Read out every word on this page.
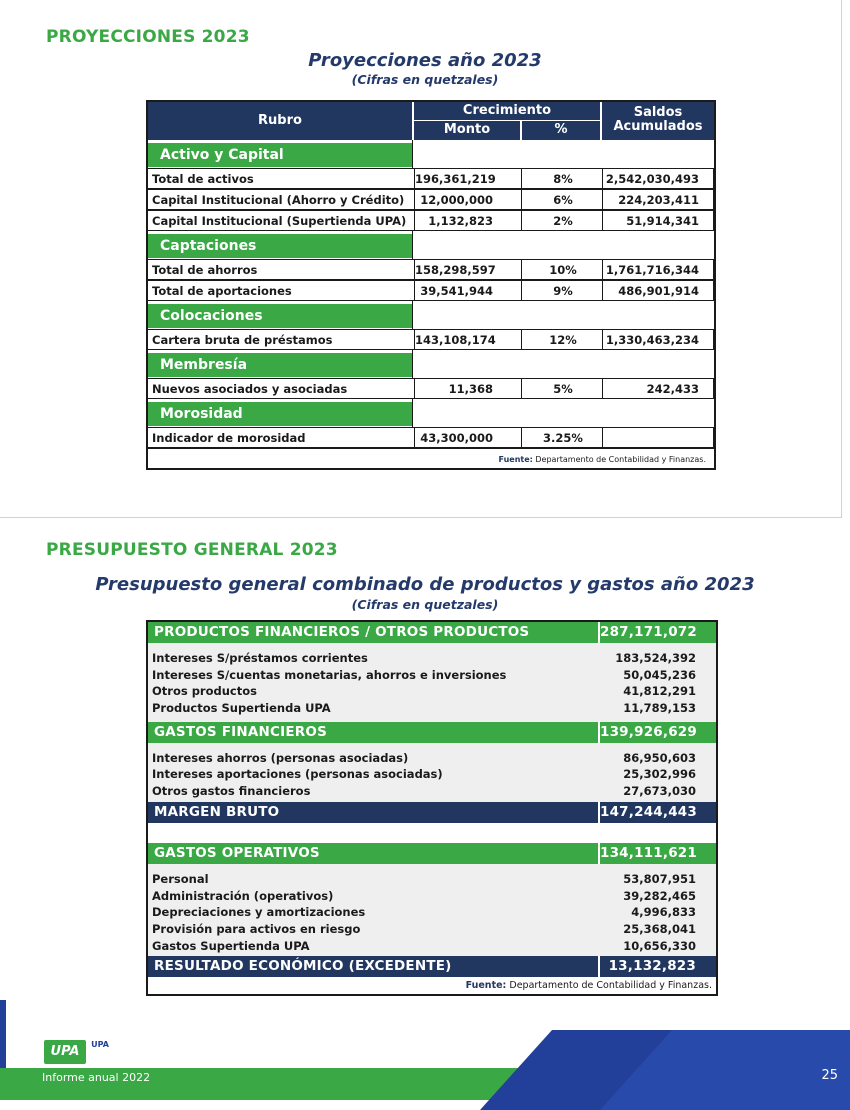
PROYECCIONES 2023
Proyecciones año 2023

(Cifras en quetzales)

Rubro
Crecimiento
Monto	%
Saldos
Acumulados
Activo y Capital
Total de activos	196,361,219	8%	2,542,030,493
Capital Institucional (Ahorro y Crédito)	12,000,000	6%	224,203,411
Capital Institucional (Supertienda UPA)	1,132,823	2%	51,914,341
Captaciones
Total de ahorros	158,298,597	10%	1,761,716,344
Total de aportaciones	39,541,944	9%	486,901,914
Colocaciones
Cartera bruta de préstamos	143,108,174	12%	1,330,463,234
Membresía
Nuevos asociados y asociadas	11,368	5%	242,433
Morosidad
Indicador de morosidad	43,300,000	3.25%
Fuente: Departamento de Contabilidad y Finanzas.
PRESUPUESTO GENERAL 2023
Presupuesto general combinado de productos y gastos año 2023

(Cifras en quetzales)

PRODUCTOS FINANCIEROS / OTROS PRODUCTOS	287,171,072
Intereses S/préstamos corrientes	183,524,392
Intereses S/cuentas monetarias, ahorros e inversiones	50,045,236
Otros productos	41,812,291
Productos Supertienda UPA	11,789,153
GASTOS FINANCIEROS	139,926,629
Intereses ahorros (personas asociadas)	86,950,603
Intereses aportaciones (personas asociadas)	25,302,996
Otros gastos financieros	27,673,030
MARGEN BRUTO	147,244,443
GASTOS OPERATIVOS	134,111,621
Personal	53,807,951
Administración (operativos)	39,282,465
Depreciaciones y amortizaciones	4,996,833
Provisión para activos en riesgo	25,368,041
Gastos Supertienda UPA	10,656,330
RESULTADO ECONÓMICO (EXCEDENTE)	13,132,823
Fuente: Departamento de Contabilidad y Finanzas.
UPA	UPA
Informe anual 2022	25
